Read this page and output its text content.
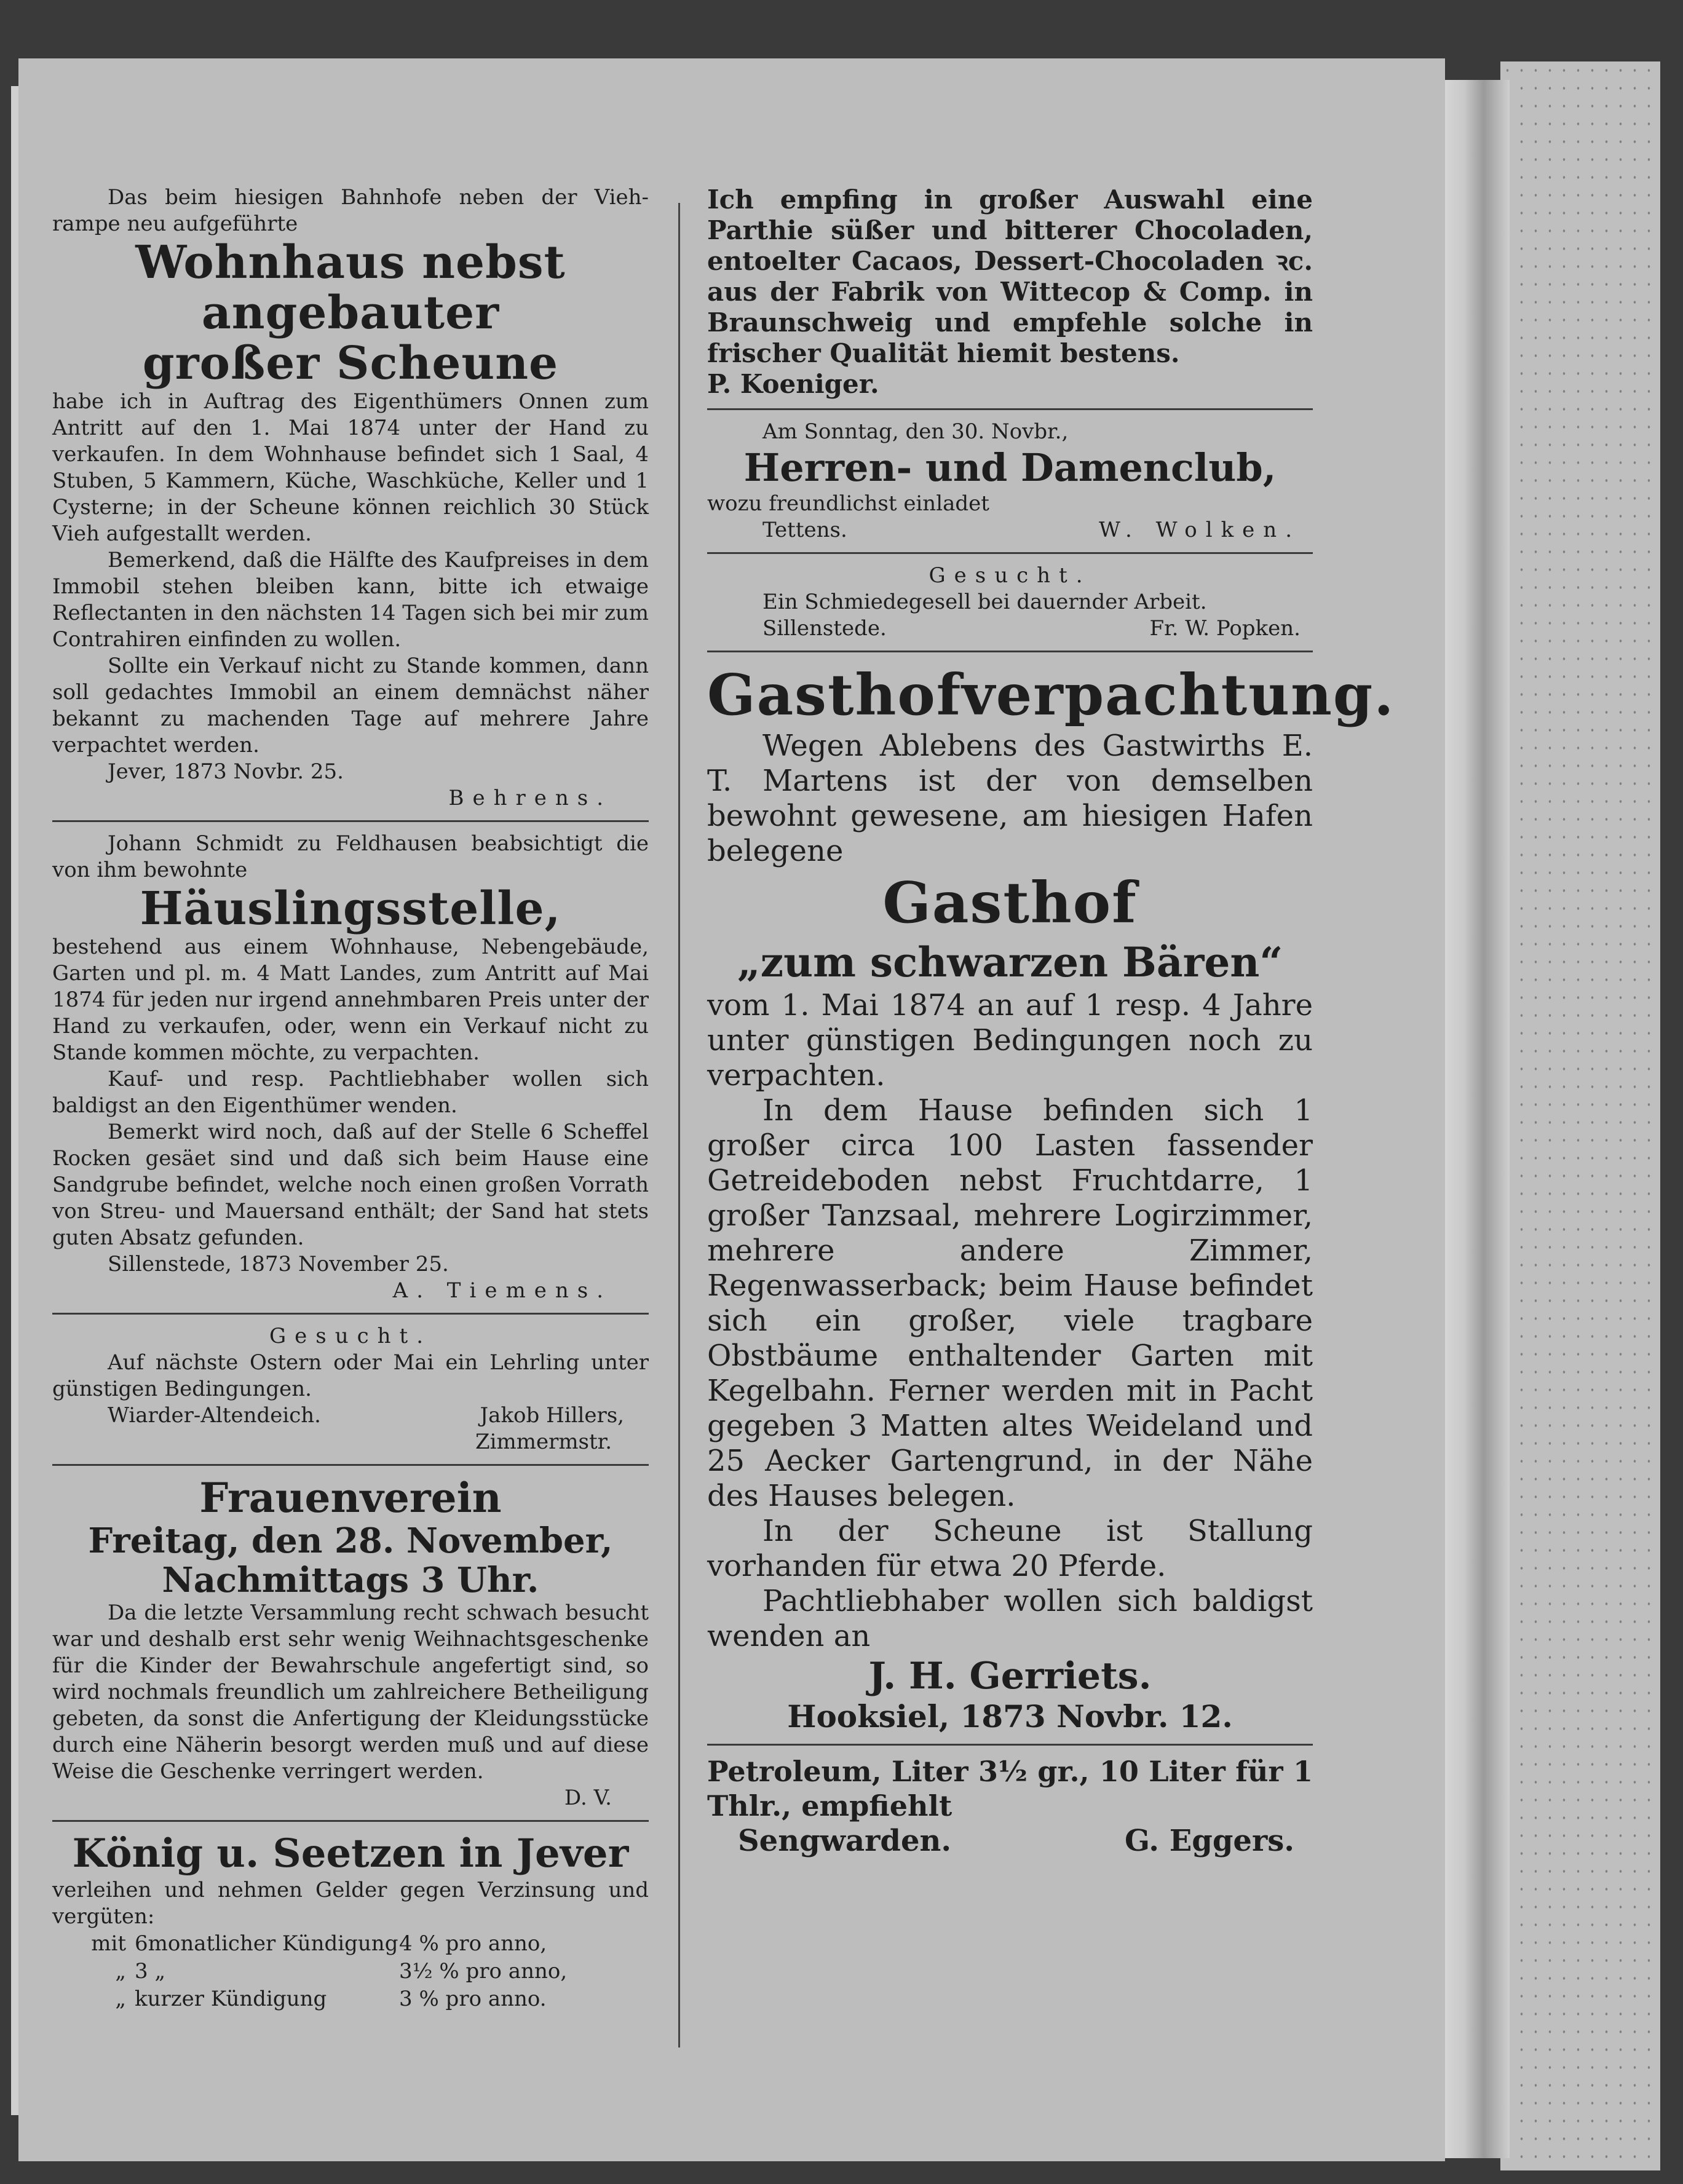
Das beim hiesigen Bahnhofe neben der Vieh-rampe neu aufgeführte

Wohnhaus nebst angebauter
großer Scheune

habe ich in Auftrag des Eigenthümers Onnen zum Antritt auf den 1. Mai 1874 unter der Hand zu verkaufen. In dem Wohnhause befindet sich 1 Saal, 4 Stuben, 5 Kammern, Küche, Waschküche, Keller und 1 Cysterne; in der Scheune können reichlich 30 Stück Vieh aufgestallt werden.

Bemerkend, daß die Hälfte des Kaufpreises in dem Immobil stehen bleiben kann, bitte ich etwaige Reflectanten in den nächsten 14 Tagen sich bei mir zum Contrahiren einfinden zu wollen.

Sollte ein Verkauf nicht zu Stande kommen, dann soll gedachtes Immobil an einem demnächst näher bekannt zu machenden Tage auf mehrere Jahre verpachtet werden.

Jever, 1873 Novbr. 25.

Behrens.

Johann Schmidt zu Feldhausen beabsichtigt die von ihm bewohnte

Häuslingsstelle,

bestehend aus einem Wohnhause, Nebengebäude, Garten und pl. m. 4 Matt Landes, zum Antritt auf Mai 1874 für jeden nur irgend annehmbaren Preis unter der Hand zu verkaufen, oder, wenn ein Verkauf nicht zu Stande kommen möchte, zu verpachten.

Kauf- und resp. Pachtliebhaber wollen sich baldigst an den Eigenthümer wenden.

Bemerkt wird noch, daß auf der Stelle 6 Scheffel Rocken gesäet sind und daß sich beim Hause eine Sandgrube befindet, welche noch einen großen Vorrath von Streu- und Mauersand enthält; der Sand hat stets guten Absatz gefunden.

Sillenstede, 1873 November 25.

A. Tiemens.

Gesucht.

Auf nächste Ostern oder Mai ein Lehrling unter günstigen Bedingungen.

Wiarder-Altendeich.	Jakob Hillers,

Zimmermstr.

Frauenverein
Freitag, den 28. November,
Nachmittags 3 Uhr.

Da die letzte Versammlung recht schwach besucht war und deshalb erst sehr wenig Weihnachtsgeschenke für die Kinder der Bewahrschule angefertigt sind, so wird nochmals freundlich um zahlreichere Betheiligung gebeten, da sonst die Anfertigung der Kleidungsstücke durch eine Näherin besorgt werden muß und auf diese Weise die Geschenke verringert werden.

D. V.

König u. Seetzen in Jever

verleihen und nehmen Gelder gegen Verzinsung und vergüten:

mit 6monatlicher Kündigung 4 % pro anno,
„ 3 „	3½ % pro anno,
„ kurzer Kündigung	3 % pro anno.

Ich empfing in großer Auswahl eine Parthie süßer und bitterer Chocoladen, entoelter Cacaos, Dessert-Chocoladen ꝛc. aus der Fabrik von Wittecop & Comp. in Braunschweig und empfehle solche in frischer Qualität hiemit bestens.

P. Koeniger.

Am Sonntag, den 30. Novbr.,

Herren- und Damenclub,

wozu freundlichst einladet

Tettens.	W. Wolken.

Gesucht.

Ein Schmiedegesell bei dauernder Arbeit.

Sillenstede.	Fr. W. Popken.
Gasthofverpachtung.

Wegen Ablebens des Gastwirths E. T. Martens ist der von demselben bewohnt gewesene, am hiesigen Hafen belegene

Gasthof
„zum schwarzen Bären“

vom 1. Mai 1874 an auf 1 resp. 4 Jahre unter günstigen Bedingungen noch zu verpachten.

In dem Hause befinden sich 1 großer circa 100 Lasten fassender Getreideboden nebst Fruchtdarre, 1 großer Tanzsaal, mehrere Logirzimmer, mehrere andere Zimmer, Regenwasserback; beim Hause befindet sich ein großer, viele tragbare Obstbäume enthaltender Garten mit Kegelbahn. Ferner werden mit in Pacht gegeben 3 Matten altes Weideland und 25 Aecker Gartengrund, in der Nähe des Hauses belegen.

In der Scheune ist Stallung vorhanden für etwa 20 Pferde.

Pachtliebhaber wollen sich baldigst wenden an

J. H. Gerriets.
Hooksiel, 1873 Novbr. 12.

Petroleum, Liter 3½ gr., 10 Liter für 1 Thlr., empfiehlt

Sengwarden.	G. Eggers.
